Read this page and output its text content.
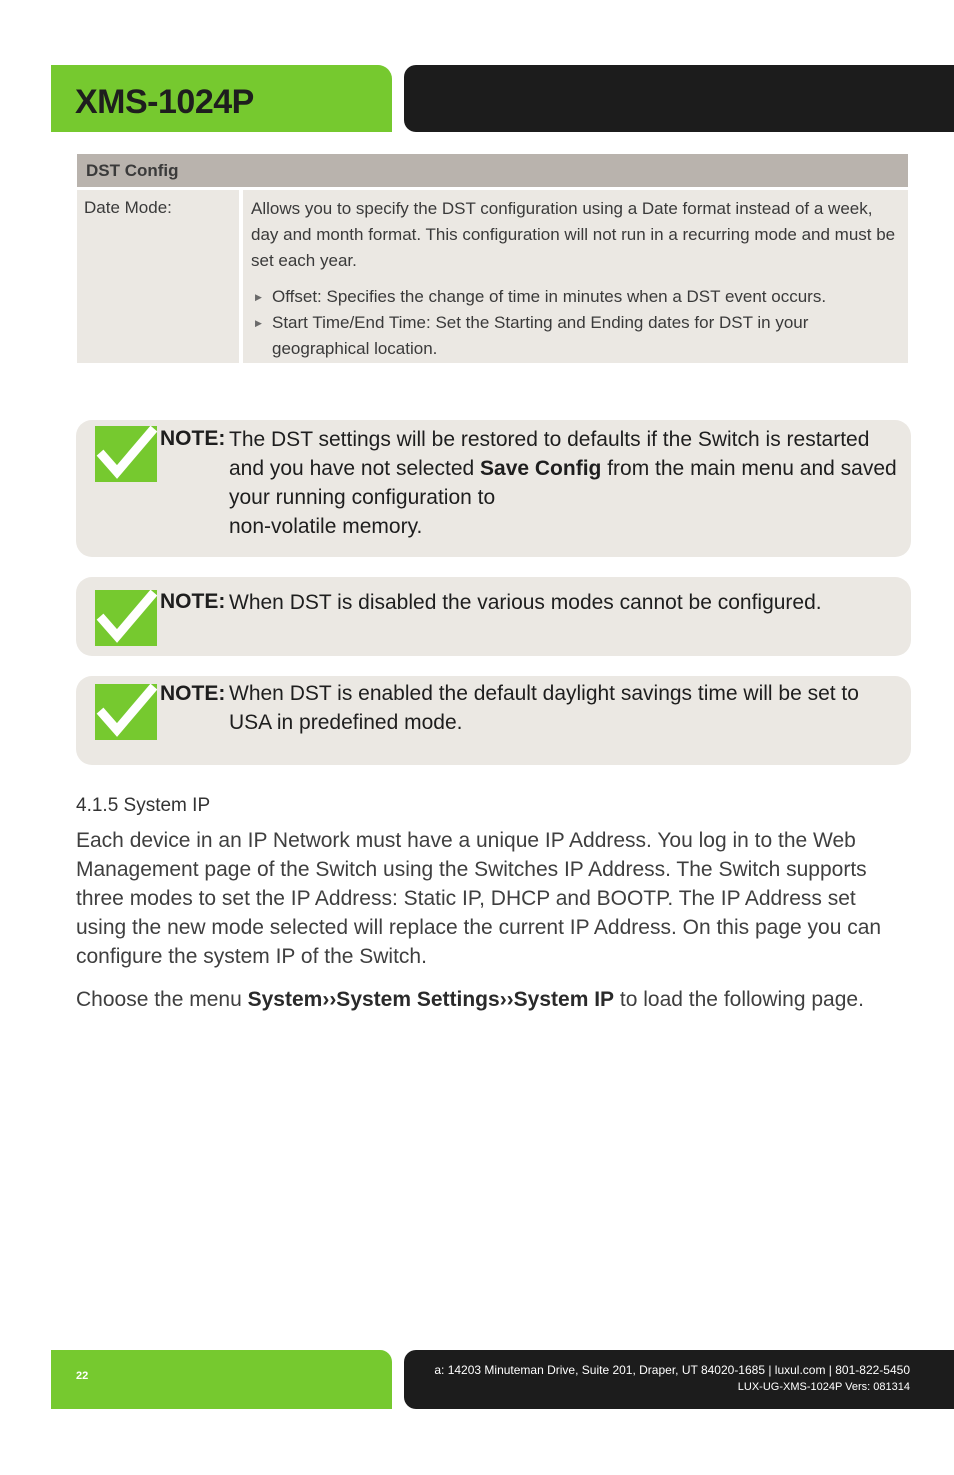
XMS-1024P
DST Config
Date Mode:	Allows you to specify the DST configuration using a Date format instead of a week, day and month format. This configuration will not run in a recurring mode and must be set each year.

▶ Offset: Specifies the change of time in minutes when a DST event occurs.
▶ Start Time/End Time: Set the Starting and Ending dates for DST in your geographical location.
NOTE: The DST settings will be restored to defaults if the Switch is restarted and you have not selected Save Config from the main menu and saved your running configuration to
non-volatile memory.
NOTE: When DST is disabled the various modes cannot be configured.
NOTE: When DST is enabled the default daylight savings time will be set to USA in predefined mode.
4.1.5 System IP
Each device in an IP Network must have a unique IP Address. You log in to the Web Management page of the Switch using the Switches IP Address. The Switch supports three modes to set the IP Address: Static IP, DHCP and BOOTP. The IP Address set using the new mode selected will replace the current IP Address. On this page you can configure the system IP of the Switch.
Choose the menu System››System Settings››System IP to load the following page.
22	a: 14203 Minuteman Drive, Suite 201, Draper, UT 84020-1685 | luxul.com | 801-822-5450
LUX-UG-XMS-1024P Vers: 081314
